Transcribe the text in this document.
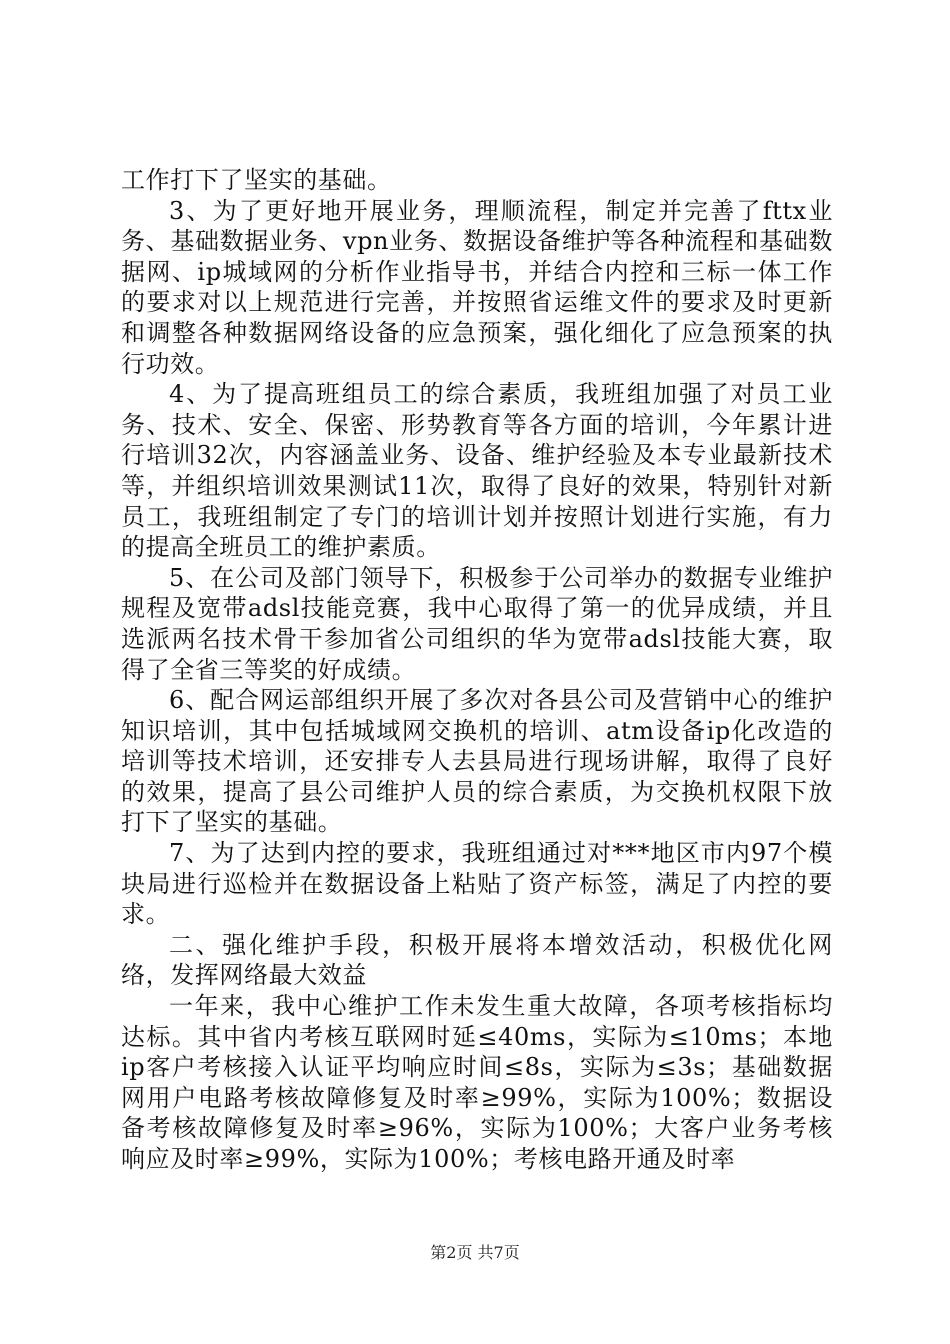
工作打下了坚实的基础。

3、为了更好地开展业务，理顺流程，制定并完善了fttx业务、基础数据业务、vpn业务、数据设备维护等各种流程和基础数据网、ip城域网的分析作业指导书，并结合内控和三标一体工作的要求对以上规范进行完善，并按照省运维文件的要求及时更新和调整各种数据网络设备的应急预案，强化细化了应急预案的执行功效。

4、为了提高班组员工的综合素质，我班组加强了对员工业务、技术、安全、保密、形势教育等各方面的培训，今年累计进行培训32次，内容涵盖业务、设备、维护经验及本专业最新技术等，并组织培训效果测试11次，取得了良好的效果，特别针对新员工，我班组制定了专门的培训计划并按照计划进行实施，有力的提高全班员工的维护素质。

5、在公司及部门领导下，积极参于公司举办的数据专业维护规程及宽带adsl技能竞赛，我中心取得了第一的优异成绩，并且选派两名技术骨干参加省公司组织的华为宽带adsl技能大赛，取得了全省三等奖的好成绩。

6、配合网运部组织开展了多次对各县公司及营销中心的维护知识培训，其中包括城域网交换机的培训、atm设备ip化改造的培训等技术培训，还安排专人去县局进行现场讲解，取得了良好的效果，提高了县公司维护人员的综合素质，为交换机权限下放打下了坚实的基础。

7、为了达到内控的要求，我班组通过对***地区市内97个模块局进行巡检并在数据设备上粘贴了资产标签，满足了内控的要求。

二、强化维护手段，积极开展将本增效活动，积极优化网络，发挥网络最大效益

一年来，我中心维护工作未发生重大故障，各项考核指标均达标。其中省内考核互联网时延≤40ms，实际为≤10ms；本地ip客户考核接入认证平均响应时间≤8s，实际为≤3s；基础数据网用户电路考核故障修复及时率≥99%，实际为100%；数据设备考核故障修复及时率≥96%，实际为100%；大客户业务考核响应及时率≥99%，实际为100%；考核电路开通及时率

第2页 共7页
